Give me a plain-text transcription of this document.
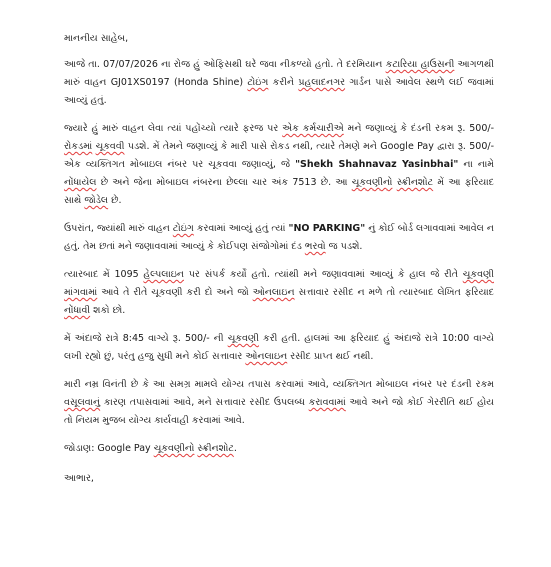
માનનીય સાહેબ,

આજે તા. 07/07/2026 ના રોજ હું ઓફિસથી ઘરે જવા નીકળ્યો હતો. તે દરમિયાન કટારિયા હાઉસની આગળથી મારું વાહન GJ01XS0197 (Honda Shine) ટોઇંગ કરીને પ્રહલાદનગર ગાર્ડન પાસે આવેલ સ્થળે લઈ જવામાં આવ્યું હતું.

જ્યારે હું મારું વાહન લેવા ત્યાં પહોંચ્યો ત્યારે ફરજ પર એક કર્મચારીએ મને જણાવ્યું કે દંડની રકમ રૂ. 500/- રોકડમાં ચૂકવવી પડશે. મેં તેમને જણાવ્યું કે મારી પાસે રોકડ નથી, ત્યારે તેમણે મને Google Pay દ્વારા રૂ. 500/- એક વ્યક્તિગત મોબાઇલ નંબર પર ચૂકવવા જણાવ્યું, જે "Shekh Shahnavaz Yasinbhai" ના નામે નોંધાયેલ છે અને જેના મોબાઇલ નંબરના છેલ્લા ચાર અંક 7513 છે. આ ચૂકવણીનો સ્ક્રીનશોટ મેં આ ફરિયાદ સાથે જોડેલ છે.

ઉપરાંત, જ્યાંથી મારું વાહન ટોઇંગ કરવામાં આવ્યું હતું ત્યાં "NO PARKING" નું કોઈ બોર્ડ લગાવવામાં આવેલ ન હતું. તેમ છતાં મને જણાવવામાં આવ્યું કે કોઈપણ સંજોગોમાં દંડ ભરવો જ પડશે.

ત્યારબાદ મેં 1095 હેલ્પલાઇન પર સંપર્ક કર્યો હતો. ત્યાંથી મને જણાવવામાં આવ્યું કે હાલ જે રીતે ચૂકવણી માંગવામાં આવે તે રીતે ચૂકવણી કરી દો અને જો ઓનલાઇન સત્તાવાર રસીદ ન મળે તો ત્યારબાદ લેખિત ફરિયાદ નોંધાવી શકો છો.

મેં અંદાજે રાત્રે 8:45 વાગ્યે રૂ. 500/- ની ચૂકવણી કરી હતી. હાલમાં આ ફરિયાદ હું અંદાજે રાત્રે 10:00 વાગ્યે લખી રહ્યો છું, પરંતુ હજુ સુધી મને કોઈ સત્તાવાર ઓનલાઇન રસીદ પ્રાપ્ત થઈ નથી.

મારી નમ્ર વિનંતી છે કે આ સમગ્ર મામલે યોગ્ય તપાસ કરવામાં આવે, વ્યક્તિગત મોબાઇલ નંબર પર દંડની રકમ વસૂલવાનું કારણ તપાસવામાં આવે, મને સત્તાવાર રસીદ ઉપલબ્ધ કરાવવામાં આવે અને જો કોઈ ગેરરીતિ થઈ હોય તો નિયમ મુજબ યોગ્ય કાર્યવાહી કરવામાં આવે.

જોડાણ: Google Pay ચૂકવણીનો સ્ક્રીનશોટ.

આભાર,
